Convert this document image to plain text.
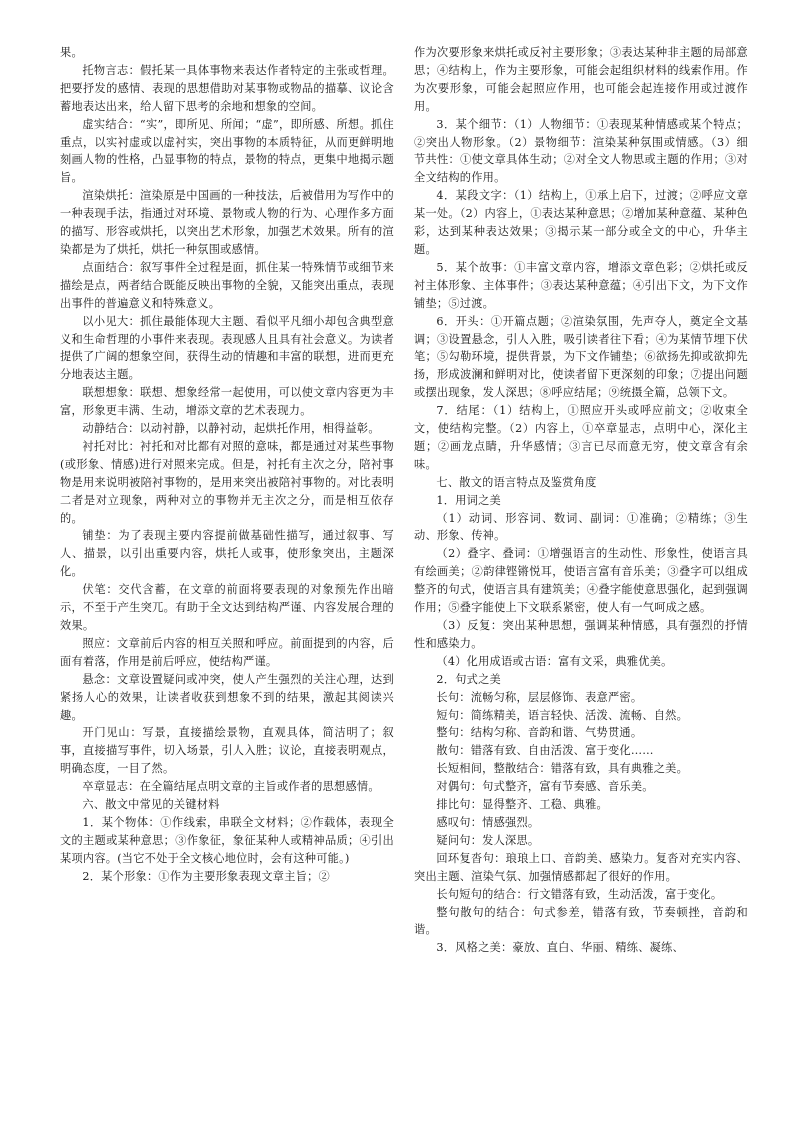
果。

托物言志：假托某一具体事物来表达作者特定的主张或哲理。把要抒发的感情、表现的思想借助对某事物或物品的描摹、议论含蓄地表达出来，给人留下思考的余地和想象的空间。

虚实结合：“实”，即所见、所闻；“虚”，即所感、所想。抓住重点，以实衬虚或以虚衬实，突出事物的本质特征，从而更鲜明地刻画人物的性格，凸显事物的特点，景物的特点，更集中地揭示题旨。

渲染烘托：渲染原是中国画的一种技法，后被借用为写作中的一种表现手法，指通过对环境、景物或人物的行为、心理作多方面的描写、形容或烘托，以突出艺术形象，加强艺术效果。所有的渲染都是为了烘托，烘托一种氛围或感情。

点面结合：叙写事件全过程是面，抓住某一特殊情节或细节来描绘是点，两者结合既能反映出事物的全貌，又能突出重点，表现出事件的普遍意义和特殊意义。

以小见大：抓住最能体现大主题、看似平凡细小却包含典型意义和生命哲理的小事件来表现。表现感人且具有社会意义。为读者提供了广阔的想象空间，获得生动的情趣和丰富的联想，进而更充分地表达主题。

联想想象：联想、想象经常一起使用，可以使文章内容更为丰富，形象更丰满、生动，增添文章的艺术表现力。

动静结合：以动衬静，以静衬动，起烘托作用，相得益彰。

衬托对比：衬托和对比都有对照的意味，都是通过对某些事物(或形象、情感)进行对照来完成。但是，衬托有主次之分，陪衬事物是用来说明被陪衬事物的，是用来突出被陪衬事物的。对比表明二者是对立现象，两种对立的事物并无主次之分，而是相互依存的。

铺垫：为了表现主要内容提前做基础性描写，通过叙事、写人、描景，以引出重要内容，烘托人或事，使形象突出，主题深化。

伏笔：交代含蓄，在文章的前面将要表现的对象预先作出暗示，不至于产生突兀。有助于全文达到结构严谨、内容发展合理的效果。

照应：文章前后内容的相互关照和呼应。前面提到的内容，后面有着落，作用是前后呼应，使结构严谨。

悬念：文章设置疑问或冲突，使人产生强烈的关注心理，达到紧扬人心的效果，让读者收获到想象不到的结果，激起其阅读兴趣。

开门见山：写景，直接描绘景物，直观具体，简洁明了；叙事，直接描写事件，切入场景，引人入胜；议论，直接表明观点，明确态度，一目了然。

卒章显志：在全篇结尾点明文章的主旨或作者的思想感情。

六、散文中常见的关键材料

1．某个物体：①作线索，串联全文材料；②作载体，表现全文的主题或某种意思；③作象征，象征某种人或精神品质；④引出某项内容。(当它不处于全文核心地位时，会有这种可能。)

2．某个形象：①作为主要形象表现文章主旨；②

作为次要形象来烘托或反衬主要形象；③表达某种非主题的局部意思；④结构上，作为主要形象，可能会起组织材料的线索作用。作为次要形象，可能会起照应作用，也可能会起连接作用或过渡作用。

3．某个细节：（1）人物细节：①表现某种情感或某个特点；②突出人物形象。（2）景物细节：渲染某种氛围或情感。（3）细节共性：①使文章具体生动；②对全文人物思或主题的作用；③对全文结构的作用。

4．某段文字：（1）结构上，①承上启下，过渡；②呼应文章某一处。（2）内容上，①表达某种意思；②增加某种意蕴、某种色彩，达到某种表达效果；③揭示某一部分或全文的中心，升华主题。

5．某个故事：①丰富文章内容，增添文章色彩；②烘托或反衬主体形象、主体事件；③表达某种意蕴；④引出下文，为下文作铺垫；⑤过渡。

6．开头：①开篇点题；②渲染氛围，先声夺人，奠定全文基调；③设置悬念，引人入胜，吸引读者往下看；④为某情节埋下伏笔；⑤勾勒环境，提供背景，为下文作铺垫；⑥欲扬先抑或欲抑先扬，形成波澜和鲜明对比，使读者留下更深刻的印象；⑦提出问题或摆出现象，发人深思；⑧呼应结尾；⑨统摄全篇，总领下文。

7．结尾：（1）结构上，①照应开头或呼应前文；②收束全文，使结构完整。（2）内容上，①卒章显志，点明中心，深化主题；②画龙点睛，升华感情；③言已尽而意无穷，使文章含有余味。

七、散文的语言特点及鉴赏角度

1．用词之美

（1）动词、形容词、数词、副词：①准确；②精练；③生动、形象、传神。

（2）叠字、叠词：①增强语言的生动性、形象性，使语言具有绘画美；②韵律铿锵悦耳，使语言富有音乐美；③叠字可以组成整齐的句式，使语言具有建筑美；④叠字能使意思强化，起到强调作用；⑤叠字能使上下文联系紧密，使人有一气呵成之感。

（3）反复：突出某种思想，强调某种情感，具有强烈的抒情性和感染力。

（4）化用成语或古语：富有文采，典雅优美。

2．句式之美

长句：流畅匀称，层层修饰、表意严密。

短句：简练精美，语言轻快、活泼、流畅、自然。

整句：结构匀称、音韵和谐、气势贯通。

散句：错落有致、自由活泼、富于变化……

长短相间，整散结合：错落有致，具有典雅之美。

对偶句：句式整齐，富有节奏感、音乐美。

排比句：显得整齐、工稳、典雅。

感叹句：情感强烈。

疑问句：发人深思。

回环复沓句：琅琅上口、音韵美、感染力。复沓对充实内容、突出主题、渲染气氛、加强情感都起了很好的作用。

长句短句的结合：行文错落有致，生动活泼，富于变化。

整句散句的结合：句式参差，错落有致，节奏顿挫，音韵和谐。

3．风格之美：豪放、直白、华丽、精练、凝练、
